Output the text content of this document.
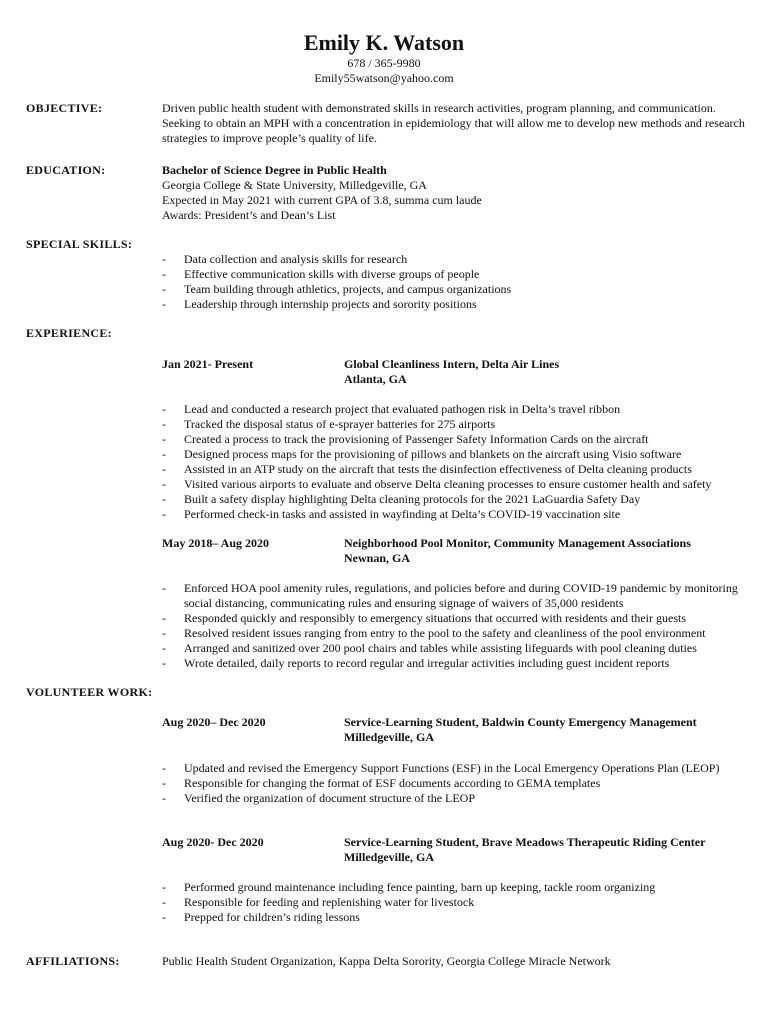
Emily K. Watson
678 / 365-9980
Emily55watson@yahoo.com
OBJECTIVE:	Driven public health student with demonstrated skills in research activities, program planning, and communication. Seeking to obtain an MPH with a concentration in epidemiology that will allow me to develop new methods and research strategies to improve people’s quality of life.

EDUCATION:	Bachelor of Science Degree in Public Health

Georgia College & State University, Milledgeville, GA

Expected in May 2021 with current GPA of 3.8, summa cum laude

Awards: President’s and Dean’s List

SPECIAL SKILLS:
- Data collection and analysis skills for research
- Effective communication skills with diverse groups of people
- Team building through athletics, projects, and campus organizations
- Leadership through internship projects and sorority positions
EXPERIENCE:
Jan 2021- Present	Global Cleanliness Intern, Delta Air Lines
Atlanta, GA
- Lead and conducted a research project that evaluated pathogen risk in Delta’s travel ribbon
- Tracked the disposal status of e-sprayer batteries for 275 airports
- Created a process to track the provisioning of Passenger Safety Information Cards on the aircraft
- Designed process maps for the provisioning of pillows and blankets on the aircraft using Visio software
- Assisted in an ATP study on the aircraft that tests the disinfection effectiveness of Delta cleaning products
- Visited various airports to evaluate and observe Delta cleaning processes to ensure customer health and safety
- Built a safety display highlighting Delta cleaning protocols for the 2021 LaGuardia Safety Day
- Performed check-in tasks and assisted in wayfinding at Delta’s COVID-19 vaccination site
May 2018– Aug 2020	Neighborhood Pool Monitor, Community Management Associations
Newnan, GA
- Enforced HOA pool amenity rules, regulations, and policies before and during COVID-19 pandemic by monitoring social distancing, communicating rules and ensuring signage of waivers of 35,000 residents
- Responded quickly and responsibly to emergency situations that occurred with residents and their guests
- Resolved resident issues ranging from entry to the pool to the safety and cleanliness of the pool environment
- Arranged and sanitized over 200 pool chairs and tables while assisting lifeguards with pool cleaning duties
- Wrote detailed, daily reports to record regular and irregular activities including guest incident reports
VOLUNTEER WORK:
Aug 2020– Dec 2020	Service-Learning Student, Baldwin County Emergency Management
Milledgeville, GA
- Updated and revised the Emergency Support Functions (ESF) in the Local Emergency Operations Plan (LEOP)
- Responsible for changing the format of ESF documents according to GEMA templates
- Verified the organization of document structure of the LEOP
Aug 2020- Dec 2020	Service-Learning Student, Brave Meadows Therapeutic Riding Center
Milledgeville, GA
- Performed ground maintenance including fence painting, barn up keeping, tackle room organizing
- Responsible for feeding and replenishing water for livestock
- Prepped for children’s riding lessons
AFFILIATIONS:	Public Health Student Organization, Kappa Delta Sorority, Georgia College Miracle Network
